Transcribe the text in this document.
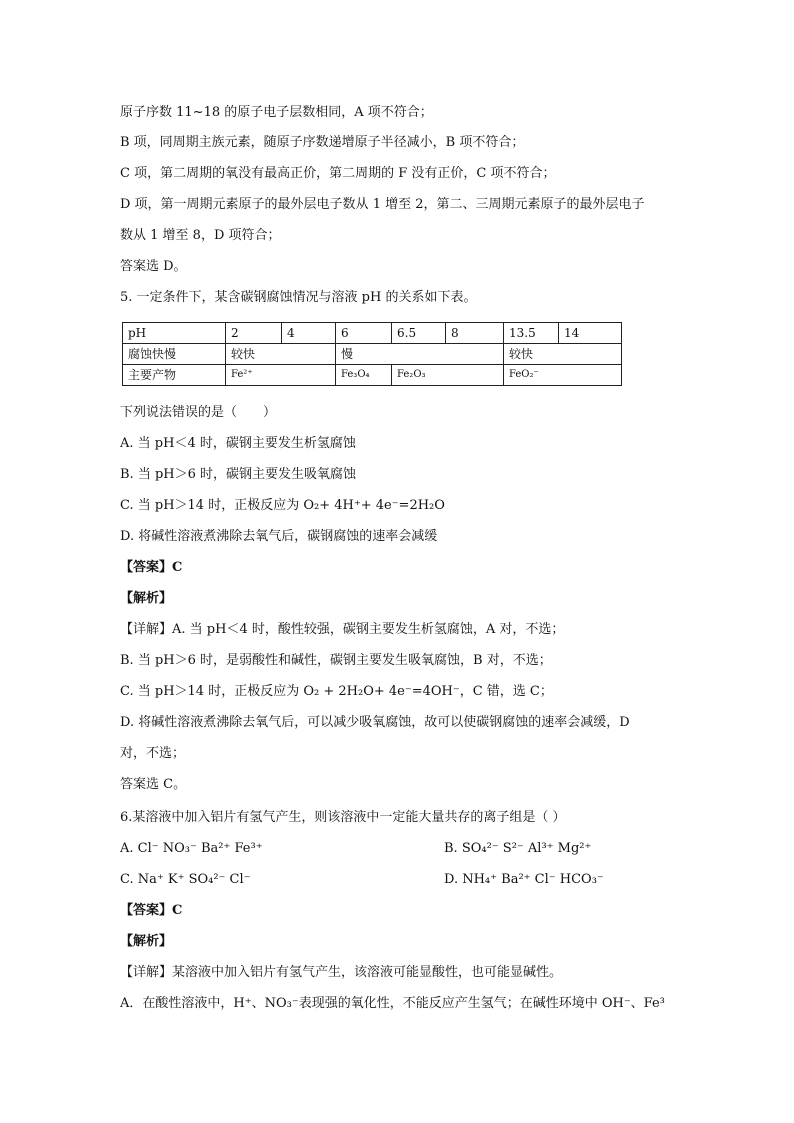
原子序数 11~18 的原子电子层数相同，A 项不符合；
B 项，同周期主族元素，随原子序数递增原子半径减小，B 项不符合；
C 项，第二周期的氧没有最高正价，第二周期的 F 没有正价，C 项不符合；
D 项，第一周期元素原子的最外层电子数从 1 增至 2，第二、三周期元素原子的最外层电子
数从 1 增至 8，D 项符合；
答案选 D。
5. 一定条件下，某含碳钢腐蚀情况与溶液 pH 的关系如下表。
pH	2	4	6	6.5	8	13.5	14
腐蚀快慢	较快		慢			较快	
主要产物	Fe²⁺		Fe₃O₄	Fe₂O₃		FeO₂⁻	
下列说法错误的是（　　）
A. 当 pH＜4 时，碳钢主要发生析氢腐蚀
B. 当 pH＞6 时，碳钢主要发生吸氧腐蚀
C. 当 pH＞14 时，正极反应为 O₂+ 4H⁺+ 4e⁻=2H₂O
D. 将碱性溶液煮沸除去氧气后，碳钢腐蚀的速率会减缓
【答案】C
【解析】
【详解】A. 当 pH＜4 时，酸性较强，碳钢主要发生析氢腐蚀，A 对，不选；
B. 当 pH＞6 时，是弱酸性和碱性，碳钢主要发生吸氧腐蚀，B 对，不选；
C. 当 pH＞14 时，正极反应为 O₂ + 2H₂O+ 4e⁻=4OH⁻，C 错，选 C；
D. 将碱性溶液煮沸除去氧气后，可以减少吸氧腐蚀，故可以使碳钢腐蚀的速率会减缓，D
对，不选；
答案选 C。
6.某溶液中加入铝片有氢气产生，则该溶液中一定能大量共存的离子组是（ ）
A. Cl⁻ NO₃⁻ Ba²⁺ Fe³⁺	B. SO₄²⁻ S²⁻ Al³⁺ Mg²⁺
C. Na⁺ K⁺ SO₄²⁻ Cl⁻	D. NH₄⁺ Ba²⁺ Cl⁻ HCO₃⁻
【答案】C
【解析】
【详解】某溶液中加入铝片有氢气产生，该溶液可能显酸性，也可能显碱性。
A．在酸性溶液中，H⁺、NO₃⁻表现强的氧化性，不能反应产生氢气；在碱性环境中 OH⁻、Fe³
